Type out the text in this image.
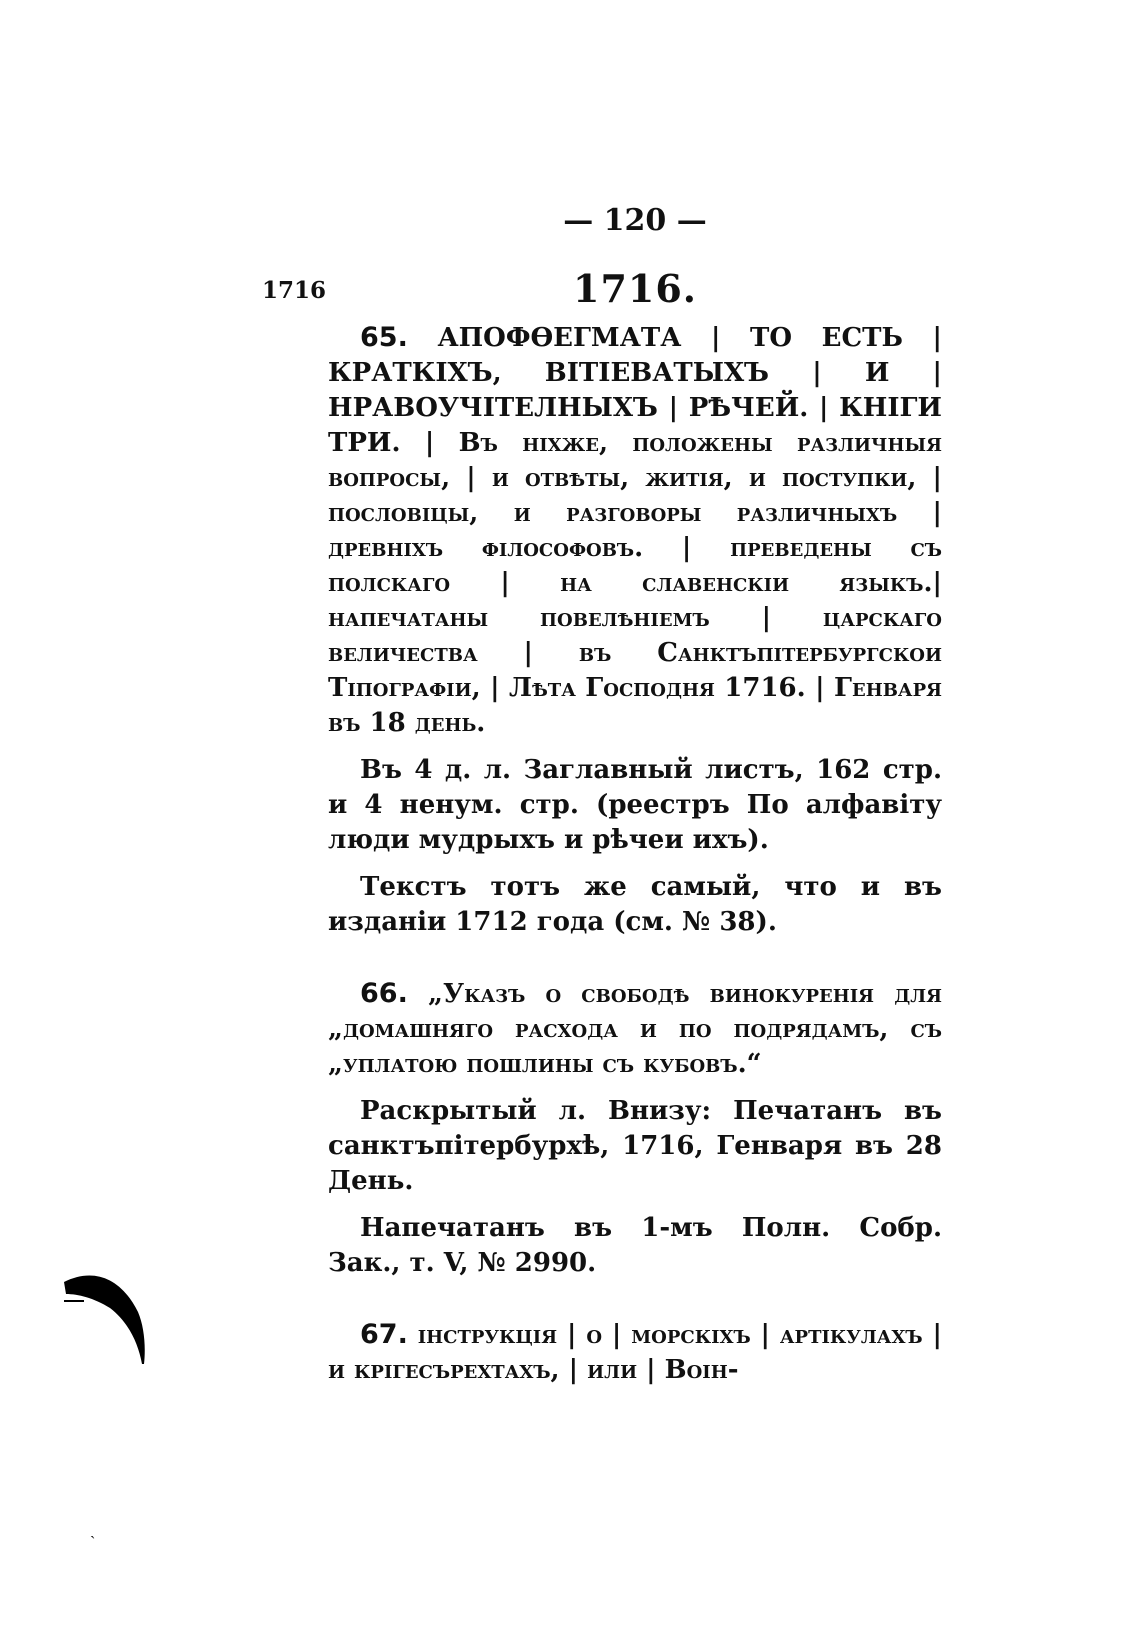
— 120 —
1716	1716.

65. АПОФѲЕГМАТА | ТО ЕСТЬ | КРАТКІХЪ, ВІТІЕВАТЫХЪ | И | НРАВОУЧІТЕЛНЫХЪ | РѢЧЕЙ. | КНІГИ ТРИ. | Въ ніхже, положены различныя вопросы, | и отвѣты, житія, и поступки, | пословіцы, и разговоры различныхъ | древніхъ філософовъ. | преведены съ полскаго | на славенскіи языкъ.| напечатаны повелѣніемъ | царскаго величества | въ Санктъпітербургскои Тіпографіи, | Лѣта Господня 1716. | Генваря въ 18 день.

Въ 4 д. л. Заглавный листъ, 162 стр. и 4 ненум. стр. (реестръ По алфавіту люди мудрыхъ и рѣчеи ихъ).

Текстъ тотъ же самый, что и въ изданіи 1712 года (см. № 38).

66. „Указъ о свободѣ винокуренія для „домашняго расхода и по подрядамъ, съ „уплатою пошлины съ кубовъ.“

Раскрытый л. Внизу: Печатанъ въ санктъпітербурхѣ, 1716, Генваря въ 28 День.

Напечатанъ въ 1-мъ Полн. Собр. Зак., т. V, № 2990.

67. інструкція | о | морскіхъ | артікулахъ | и крігесърехтахъ, | или | Воін-

ˏ
